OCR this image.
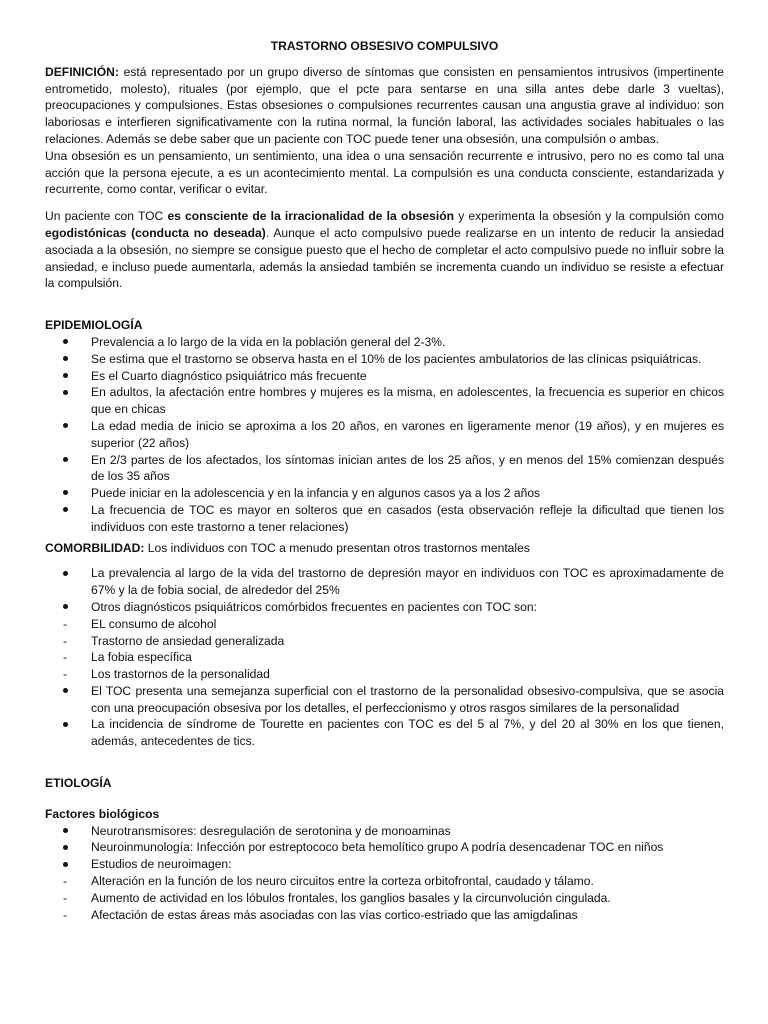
TRASTORNO OBSESIVO COMPULSIVO

DEFINICIÓN: está representado por un grupo diverso de síntomas que consisten en pensamientos intrusivos (impertinente entrometido, molesto), rituales (por ejemplo, que el pcte para sentarse en una silla antes debe darle 3 vueltas), preocupaciones y compulsiones. Estas obsesiones o compulsiones recurrentes causan una angustia grave al individuo: son laboriosas e interfieren significativamente con la rutina normal, la función laboral, las actividades sociales habituales o las relaciones. Además se debe saber que un paciente con TOC puede tener una obsesión, una compulsión o ambas.

Una obsesión es un pensamiento, un sentimiento, una idea o una sensación recurrente e intrusivo, pero no es como tal una acción que la persona ejecute, a es un acontecimiento mental. La compulsión es una conducta consciente, estandarizada y recurrente, como contar, verificar o evitar.

Un paciente con TOC es consciente de la irracionalidad de la obsesión y experimenta la obsesión y la compulsión como egodistónicas (conducta no deseada). Aunque el acto compulsivo puede realizarse en un intento de reducir la ansiedad asociada a la obsesión, no siempre se consigue puesto que el hecho de completar el acto compulsivo puede no influir sobre la ansiedad, e incluso puede aumentarla, además la ansiedad también se incrementa cuando un individuo se resiste a efectuar la compulsión.

EPIDEMIOLOGÍA
Prevalencia a lo largo de la vida en la población general del 2-3%.
Se estima que el trastorno se observa hasta en el 10% de los pacientes ambulatorios de las clínicas psiquiátricas.
Es el Cuarto diagnóstico psiquiátrico más frecuente
En adultos, la afectación entre hombres y mujeres es la misma, en adolescentes, la frecuencia es superior en chicos que en chicas
La edad media de inicio se aproxima a los 20 años, en varones en ligeramente menor (19 años), y en mujeres es superior (22 años)
En 2/3 partes de los afectados, los síntomas inician antes de los 25 años, y en menos del 15% comienzan después de los 35 años
Puede iniciar en la adolescencia y en la infancia y en algunos casos ya a los 2 años
La frecuencia de TOC es mayor en solteros que en casados (esta observación refleje la dificultad que tienen los individuos con este trastorno a tener relaciones)

COMORBILIDAD: Los individuos con TOC a menudo presentan otros trastornos mentales

La prevalencia al largo de la vida del trastorno de depresión mayor en individuos con TOC es aproximadamente de 67% y la de fobia social, de alrededor del 25%
Otros diagnósticos psiquiátricos comórbidos frecuentes en pacientes con TOC son:
-	EL consumo de alcohol
-	Trastorno de ansiedad generalizada
-	La fobia específica
-	Los trastornos de la personalidad
El TOC presenta una semejanza superficial con el trastorno de la personalidad obsesivo-compulsiva, que se asocia con una preocupación obsesiva por los detalles, el perfeccionismo y otros rasgos similares de la personalidad
La incidencia de síndrome de Tourette en pacientes con TOC es del 5 al 7%, y del 20 al 30% en los que tienen, además, antecedentes de tics.
ETIOLOGÍA
Factores biológicos
Neurotransmisores: desregulación de serotonina y de monoaminas
Neuroinmunología: Infección por estreptococo beta hemolítico grupo A podría desencadenar TOC en niños
Estudios de neuroimagen:
-	Alteración en la función de los neuro circuitos entre la corteza orbitofrontal, caudado y tálamo.
-	Aumento de actividad en los lóbulos frontales, los ganglios basales y la circunvolución cingulada.
-	Afectación de estas áreas más asociadas con las vías cortico-estriado que las amigdalinas
